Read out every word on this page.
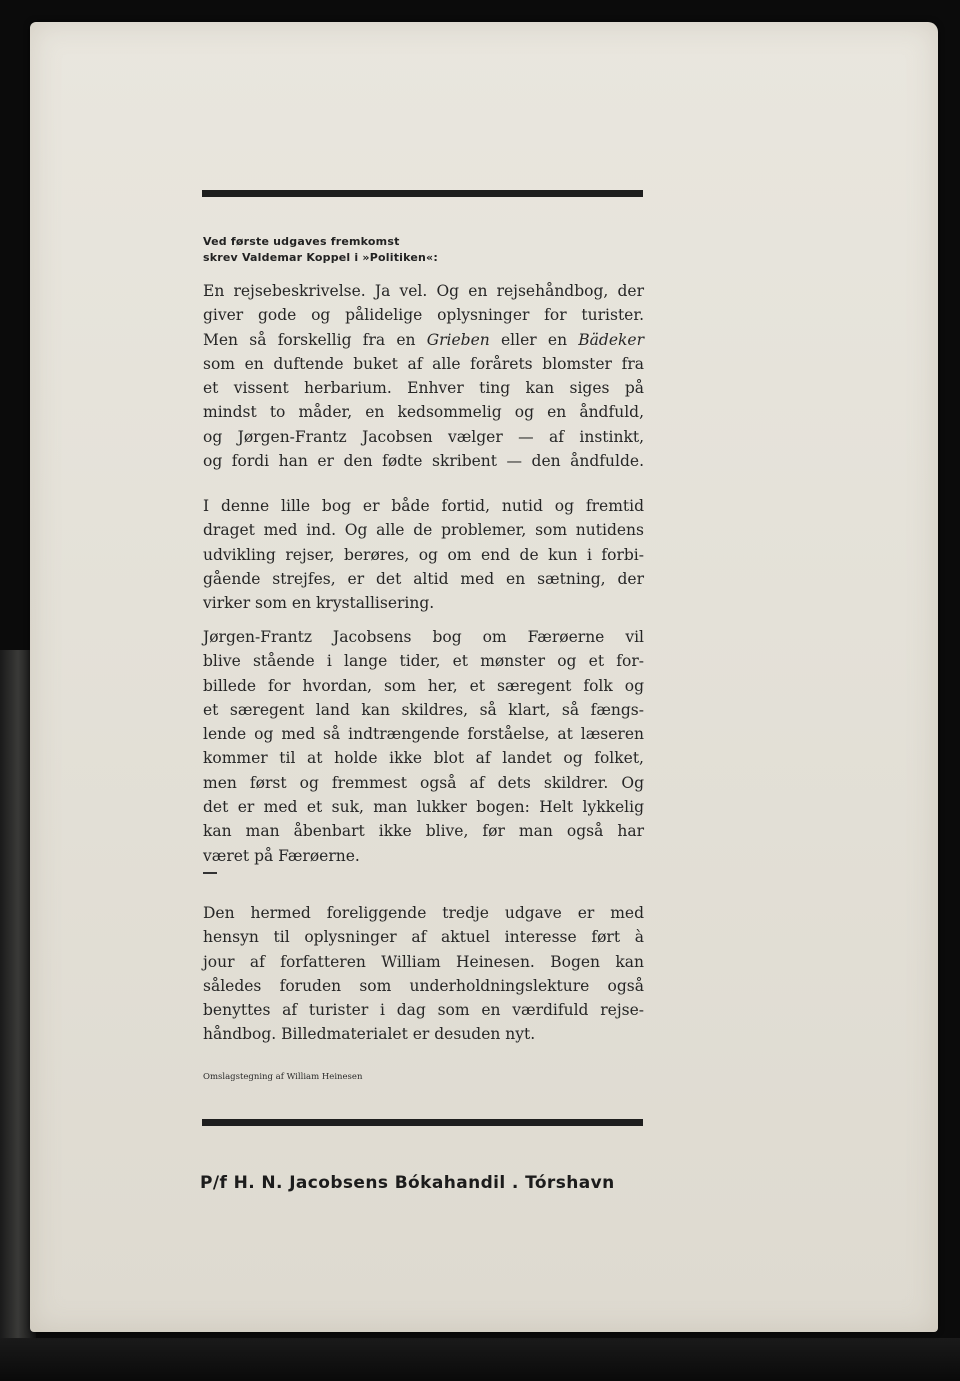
Ved første udgaves fremkomst
skrev Valdemar Koppel i »Politiken«:
En rejsebeskrivelse. Ja vel. Og en rejsehåndbog, der
giver gode og pålidelige oplysninger for turister.
Men så forskellig fra en Grieben eller en Bädeker
som en duftende buket af alle forårets blomster fra
et vissent herbarium. Enhver ting kan siges på
mindst to måder, en kedsommelig og en åndfuld,
og Jørgen-Frantz Jacobsen vælger — af instinkt,
og fordi han er den fødte skribent — den åndfulde.
I denne lille bog er både fortid, nutid og fremtid
draget med ind. Og alle de problemer, som nutidens
udvikling rejser, berøres, og om end de kun i forbi-
gående strejfes, er det altid med en sætning, der
virker som en krystallisering.
Jørgen-Frantz Jacobsens bog om Færøerne vil
blive stående i lange tider, et mønster og et for-
billede for hvordan, som her, et særegent folk og
et særegent land kan skildres, så klart, så fængs-
lende og med så indtrængende forståelse, at læseren
kommer til at holde ikke blot af landet og folket,
men først og fremmest også af dets skildrer. Og
det er med et suk, man lukker bogen: Helt lykkelig
kan man åbenbart ikke blive, før man også har
været på Færøerne.
Den hermed foreliggende tredje udgave er med
hensyn til oplysninger af aktuel interesse ført à
jour af forfatteren William Heinesen. Bogen kan
således foruden som underholdningslekture også
benyttes af turister i dag som en værdifuld rejse-
håndbog. Billedmaterialet er desuden nyt.
Omslagstegning af William Heinesen
P/f H. N. Jacobsens Bókahandil . Tórshavn
